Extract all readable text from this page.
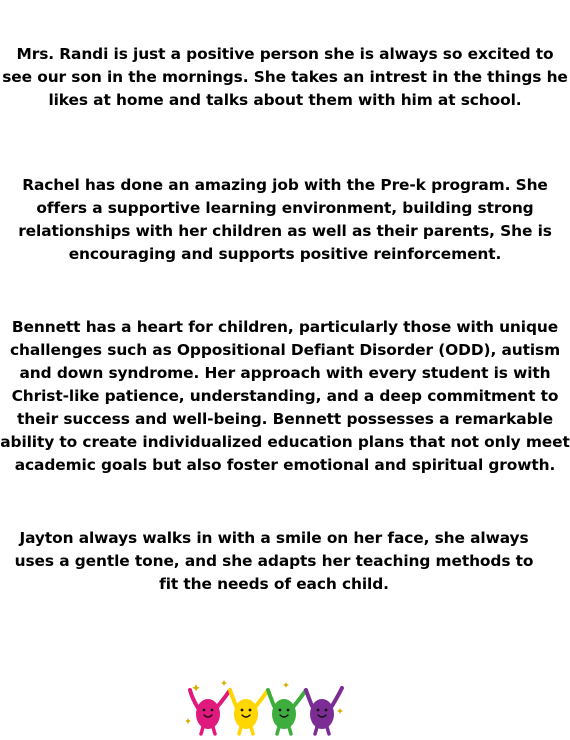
Mrs. Randi is just a positive person she is always so excited to see our son in the mornings. She takes an intrest in the things he likes at home and talks about them with him at school.

Rachel has done an amazing job with the Pre-k program. She offers a supportive learning environment, building strong relationships with her children as well as their parents, She is encouraging and supports positive reinforcement.

Bennett has a heart for children, particularly those with unique challenges such as Oppositional Defiant Disorder (ODD), autism and down syndrome. Her approach with every student is with Christ-like patience, understanding, and a deep commitment to their success and well-being. Bennett possesses a remarkable ability to create individualized education plans that not only meet academic goals but also foster emotional and spiritual growth.

Jayton always walks in with a smile on her face, she always uses a gentle tone, and she adapts her teaching methods to fit the needs of each child.
